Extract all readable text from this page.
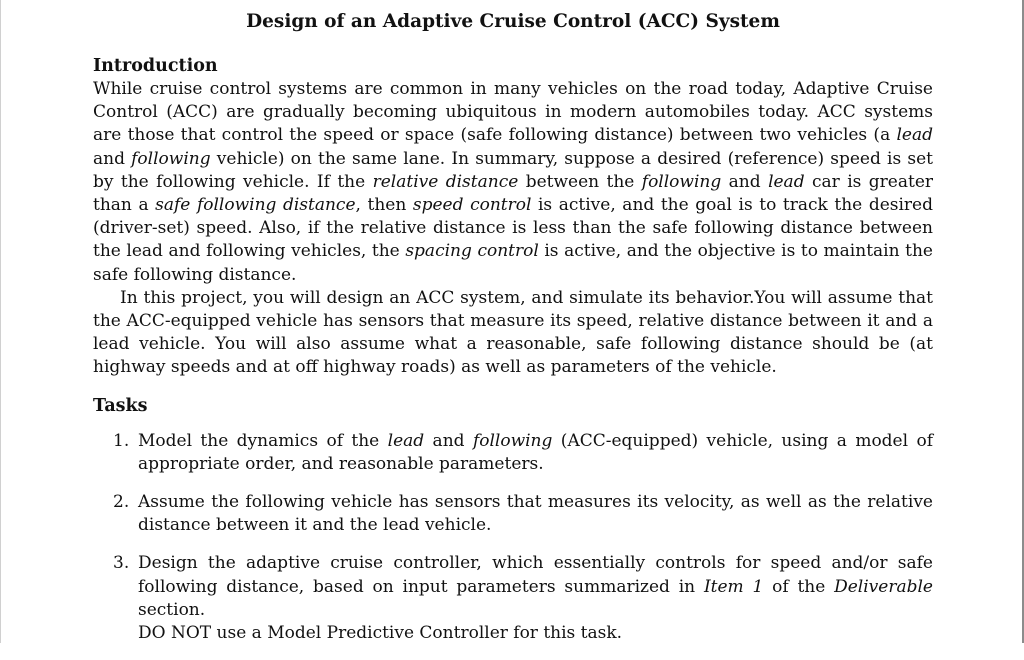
Design of an Adaptive Cruise Control (ACC) System
Introduction

While cruise control systems are common in many vehicles on the road today, Adaptive Cruise Control (ACC) are gradually becoming ubiquitous in modern automobiles today. ACC systems are those that control the speed or space (safe following distance) between two vehicles (a lead and following vehicle) on the same lane. In summary, suppose a desired (reference) speed is set by the following vehicle. If the relative distance between the following and lead car is greater than a safe following distance, then speed control is active, and the goal is to track the desired (driver-set) speed. Also, if the relative distance is less than the safe following distance between the lead and following vehicles, the spacing control is active, and the objective is to maintain the safe following distance.

In this project, you will design an ACC system, and simulate its behavior.You will assume that the ACC-equipped vehicle has sensors that measure its speed, relative distance between it and a lead vehicle. You will also assume what a reasonable, safe following distance should be (at highway speeds and at off highway roads) as well as parameters of the vehicle.

Tasks
1. Model the dynamics of the lead and following (ACC-equipped) vehicle, using a model of appropriate order, and reasonable parameters.
2. Assume the following vehicle has sensors that measures its velocity, as well as the relative distance between it and the lead vehicle.
3. Design the adaptive cruise controller, which essentially controls for speed and/or safe following distance, based on input parameters summarized in Item 1 of the Deliverable section.
DO NOT use a Model Predictive Controller for this task.
